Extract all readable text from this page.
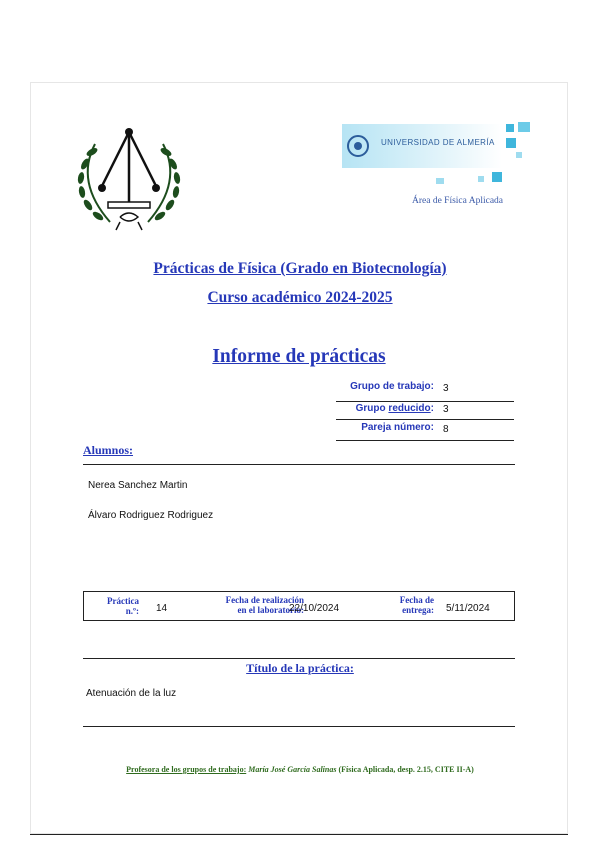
UNIVERSIDAD DE ALMERÍA
Área de Física Aplicada
Prácticas de Física (Grado en Biotecnología)
Curso académico 2024-2025
Informe de prácticas
Grupo de trabajo: 3
Grupo reducido: 3
Pareja número: 8
Alumnos:
Nerea Sanchez Martin
Álvaro Rodriguez Rodriguez
Práctica
n.º: 14
Fecha de realización
en el laboratorio:
22/10/2024
Fecha de
entrega: 5/11/2024
Título de la práctica:
Atenuación de la luz
Profesora de los grupos de trabajo: María José García Salinas (Física Aplicada, desp. 2.15, CITE II-A)
